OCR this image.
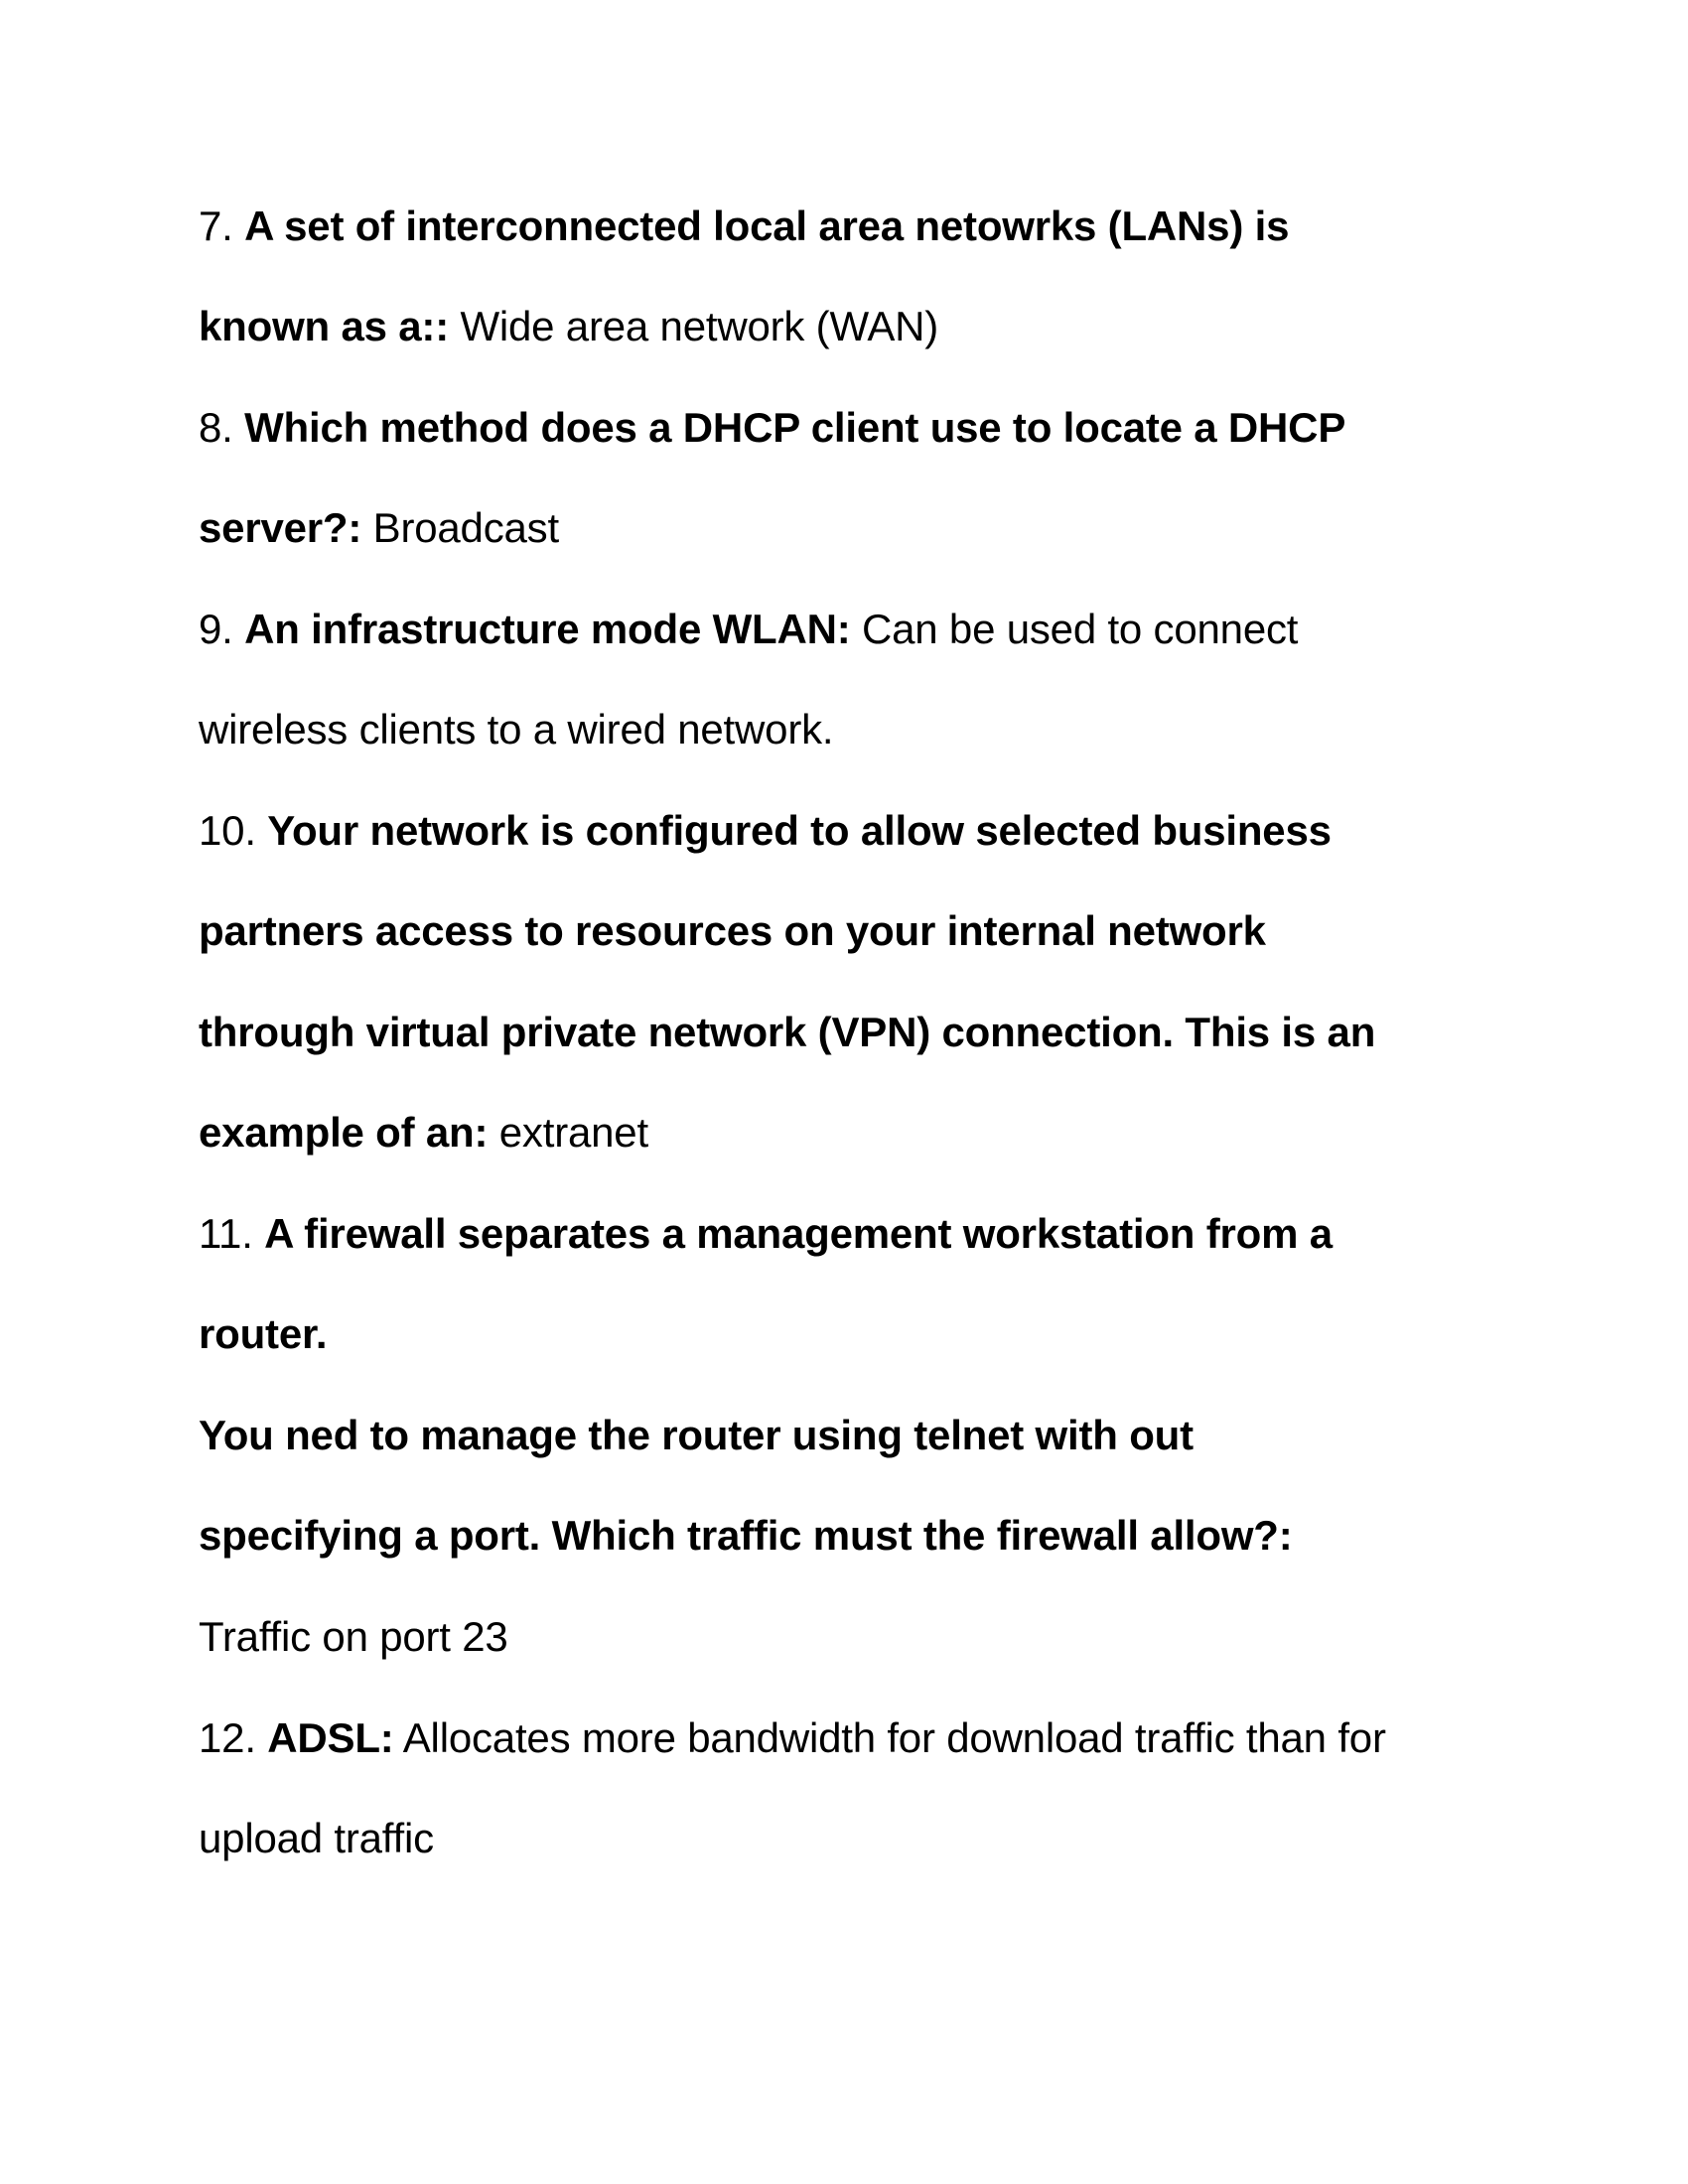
7. A set of interconnected local area netowrks (LANs) is
known as a:: Wide area network (WAN)
8. Which method does a DHCP client use to locate a DHCP
server?: Broadcast
9. An infrastructure mode WLAN: Can be used to connect
wireless clients to a wired network.
10. Your network is configured to allow selected business
partners access to resources on your internal network
through virtual private network (VPN) connection. This is an
example of an: extranet
11. A firewall separates a management workstation from a
router.
You ned to manage the router using telnet with out
specifying a port. Which traffic must the firewall allow?:
Traffic on port 23
12. ADSL: Allocates more bandwidth for download traffic than for
upload traffic
